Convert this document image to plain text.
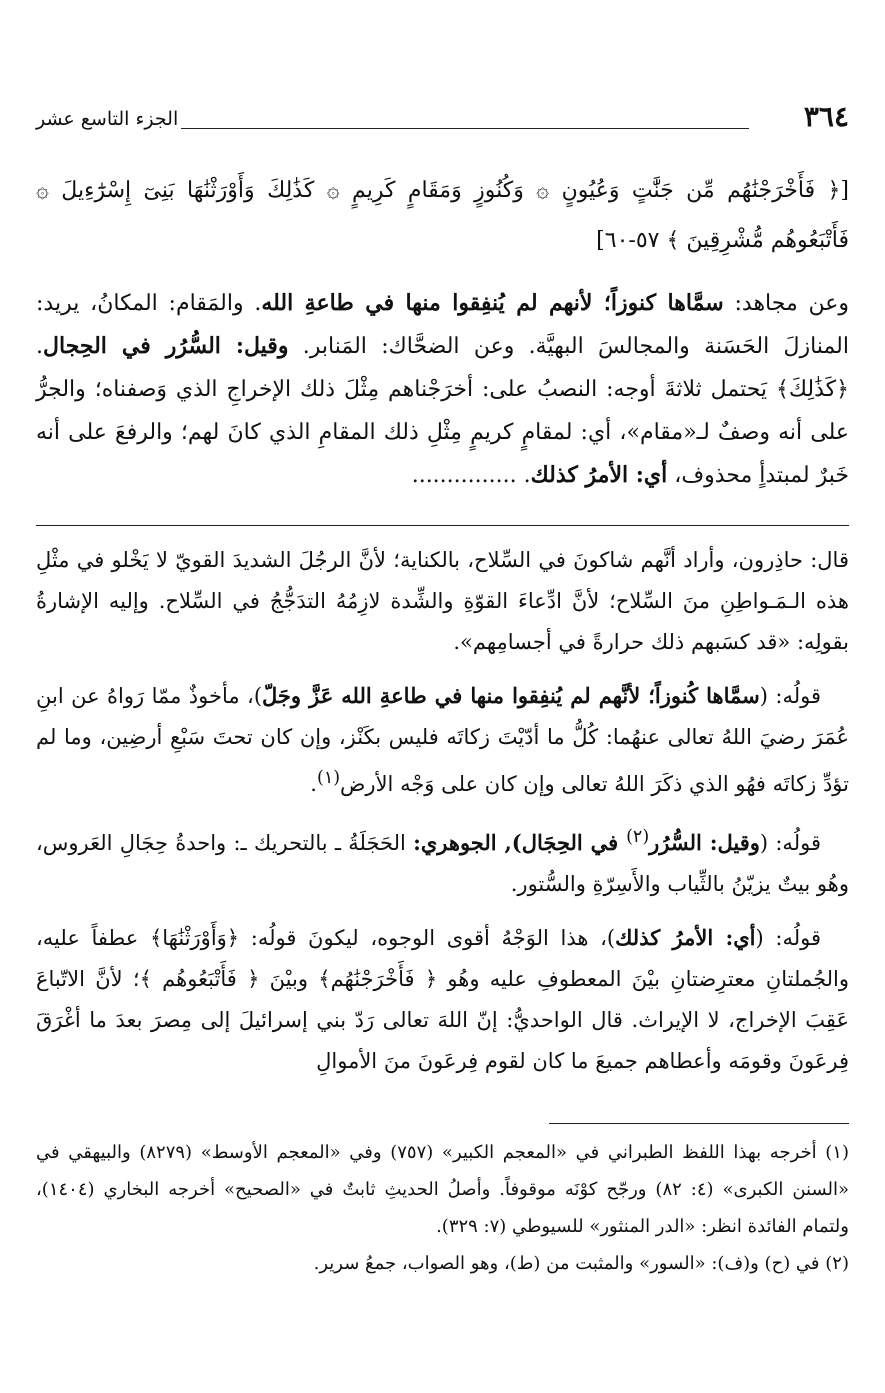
٣٦٤
الجزء التاسع عشر
[﴿ فَأَخْرَجْنَٰهُم مِّن جَنَّٰتٍ وَعُيُونٍ ۞ وَكُنُوزٍ وَمَقَامٍ كَرِيمٍ ۞ كَذَٰلِكَ وَأَوْرَثْنَٰهَا بَنِىٓ إِسْرَٰٓءِيلَ ۞ فَأَتْبَعُوهُم مُّشْرِقِينَ ﴾ ٥٧-٦٠]
وعن مجاهد: سمَّاها كنوزاً؛ لأنهم لم يُنفِقوا منها في طاعةِ الله. والمَقام: المكانُ، يريد: المنازلَ الحَسَنة والمجالسَ البهيَّة. وعن الضحَّاك: المَنابر. وقيل: السُّرُر في الحِجال. ﴿كَذَٰلِكَ﴾ يَحتمل ثلاثةَ أوجه: النصبُ على: أخرَجْناهم مِثْلَ ذلك الإخراجِ الذي وَصفناه؛ والجرُّ على أنه وصفٌ لـ«مقام»، أي: لمقامٍ كريمٍ مِثْلِ ذلك المقامِ الذي كانَ لهم؛ والرفعَ على أنه خَبرٌ لمبتدأٍ محذوف، أي: الأمرُ كذلك. ...............

قال: حاذِرون، وأراد أنَّهم شاكونَ في السِّلاح، بالكناية؛ لأنَّ الرجُلَ الشديدَ القويّ لا يَخْلو في مثْلِ هذه الـمَـواطِنِ منَ السِّلاح؛ لأنَّ ادِّعاءَ القوّةِ والشِّدة لازِمُهُ التدَجُّجُ في السِّلاح. وإليه الإشارةُ بقولِه: «قد كسَبهم ذلك حرارةً في أجسامِهم».

قولُه: (سمَّاها كُنوزاً؛ لأنَّهم لم يُنفِقوا منها في طاعةِ الله عَزَّ وجَلّ)، مأخوذٌ ممّا رَواهُ عن ابنِ عُمَرَ رضيَ اللهُ تعالى عنهُما: كُلُّ ما أدّيْتَ زكاتَه فليس بكَنْز، وإن كان تحتَ سَبْعِ أرضِين، وما لم تؤدِّ زكاتَه فهُو الذي ذكَرَ اللهُ تعالى وإن كان على وَجْه الأرض$^{(١)}$.

قولُه: (وقيل: السُّرُر$^{(٢)}$ في الحِجَال), الجوهري: الحَجَلَةُ ـ بالتحريك ـ: واحدةُ حِجَالِ العَروس، وهُو بيتٌ يزيّنُ بالثِّياب والأَسِرّةِ والسُّتور.

قولُه: (أي: الأمرُ كذلك)، هذا الوَجْهُ أقوى الوجوه، ليكونَ قولُه: ﴿وَأَوْرَثْنَٰهَا﴾ عطفاً عليه، والجُملتانِ معترِضتانِ بيْنَ المعطوفِ عليه وهُو ﴿ فَأَخْرَجْنَٰهُم﴾ وبيْنَ ﴿ فَأَتْبَعُوهُم ﴾؛ لأنَّ الاتّباعَ عَقِبَ الإخراج، لا الإيراث. قال الواحديُّ: إنّ اللهَ تعالى رَدّ بني إسرائيلَ إلى مِصرَ بعدَ ما أغْرَقَ فِرعَونَ وقومَه وأعطاهم جميعَ ما كان لقوم فِرعَونَ منَ الأموالِ

(١) أخرجه بهذا اللفظ الطبراني في «المعجم الكبير» (٧٥٧) وفي «المعجم الأوسط» (٨٢٧٩) والبيهقي في «السنن الكبرى» (٤: ٨٢) ورجّح كوْنَه موقوفاً. وأصلُ الحديثِ ثابتٌ في «الصحيح» أخرجه البخاري (١٤٠٤)، ولتمام الفائدة انظر: «الدر المنثور» للسيوطي (٧: ٣٢٩).

(٢) في (ح) و(ف): «السور» والمثبت من (ط)، وهو الصواب، جمعُ سرير.
